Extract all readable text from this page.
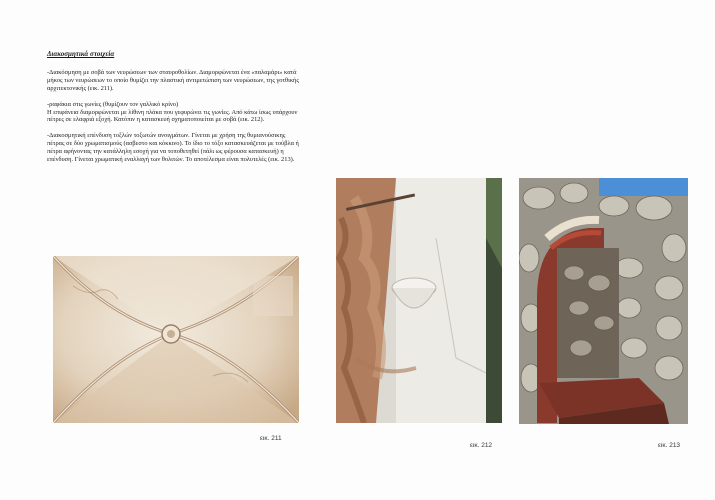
Διακοσμητικά στοιχεία

-Διακόσμηση με σοβά των νευρώσεων των σταυροθολίων. Διαμορφώνεται ένα «παλαμάρι» κατά μήκος των νευρώσεων το οποίο θυμίζει την πλαστική αντιμετώπιση των νευρώσεων, της γοτθικής αρχιτεκτονικής (εικ. 211).

-ραφάκια στις γωνίες (θυμίζουν τον γαλλικό κρίνο)

Η επιφάνεια διαμορφώνεται με λίθινη πλάκα που γεφυρώνει τις γωνίες. Από κάτω ίσως υπάρχουν πέτρες σε ελαφριά εξοχή. Κατόπιν η κατασκευή σχηματοποιείται με σοβά (εικ. 212).

-Διακοσμητική επένδυση τοξλών τοξωτών ανοιγμάτων. Γίνεται με χρήση της θυμιανούσικης πέτρας σε δύο χρωματισμούς (ασβεστο και κόκκινο). Το ίδιο το τόξο κατασκευάζεται με τούβλα ή πέτρα αφήνοντας την κατάλληλη εσοχή για να τοποθετηθεί (πάλι ως φέρουσα κατασκευή) η επένδυση. Γίνεται χρωματική εναλλαγή των θολιτών. Το αποτέλεσμα είναι πολυτελές (εικ. 213).

εικ. 211
εικ. 212	εικ. 213
